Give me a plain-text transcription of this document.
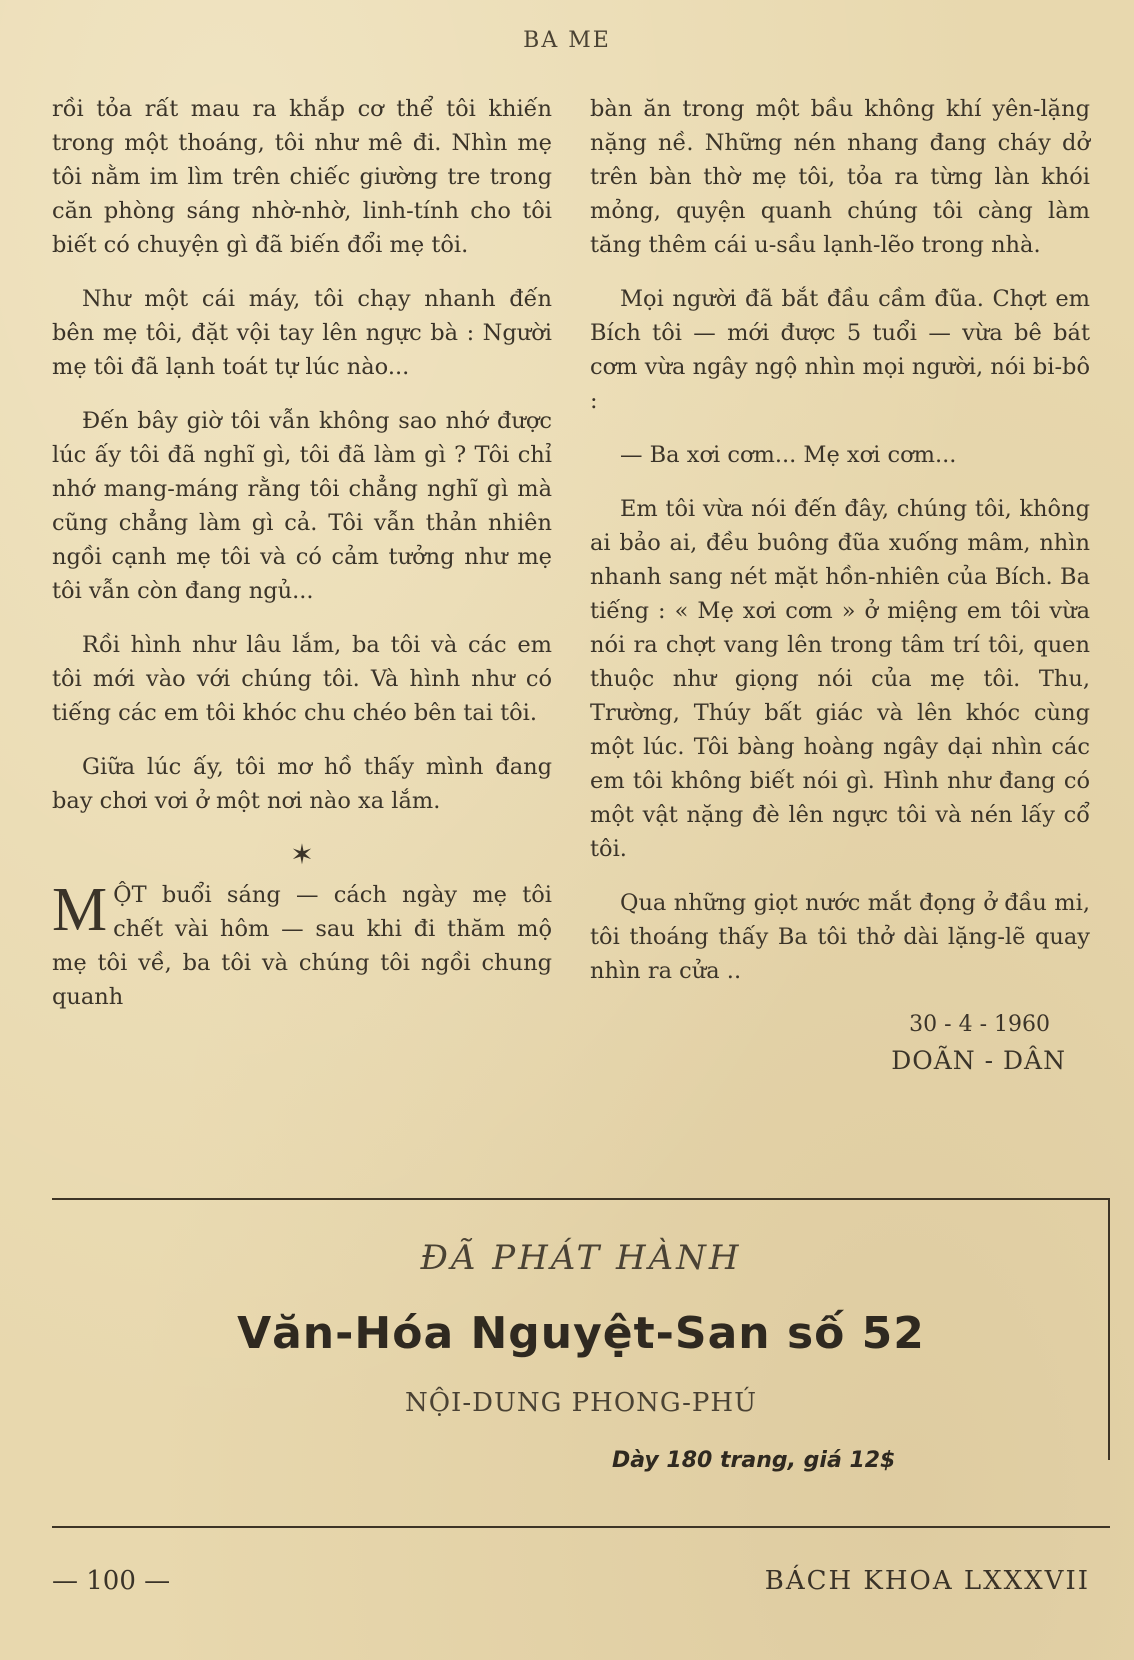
BA ME

rồi tỏa rất mau ra khắp cơ thể tôi khiến trong một thoáng, tôi như mê đi. Nhìn mẹ tôi nằm im lìm trên chiếc giường tre trong căn phòng sáng nhờ-nhờ, linh-tính cho tôi biết có chuyện gì đã biến đổi mẹ tôi.

Như một cái máy, tôi chạy nhanh đến bên mẹ tôi, đặt vội tay lên ngực bà : Người mẹ tôi đã lạnh toát tự lúc nào...

Đến bây giờ tôi vẫn không sao nhớ được lúc ấy tôi đã nghĩ gì, tôi đã làm gì ? Tôi chỉ nhớ mang-máng rằng tôi chẳng nghĩ gì mà cũng chẳng làm gì cả. Tôi vẫn thản nhiên ngồi cạnh mẹ tôi và có cảm tưởng như mẹ tôi vẫn còn đang ngủ...

Rồi hình như lâu lắm, ba tôi và các em tôi mới vào với chúng tôi. Và hình như có tiếng các em tôi khóc chu chéo bên tai tôi.

Giữa lúc ấy, tôi mơ hồ thấy mình đang bay chơi vơi ở một nơi nào xa lắm.

✶

MỘT buổi sáng — cách ngày mẹ tôi chết vài hôm — sau khi đi thăm mộ mẹ tôi về, ba tôi và chúng tôi ngồi chung quanh

bàn ăn trong một bầu không khí yên-lặng nặng nề. Những nén nhang đang cháy dở trên bàn thờ mẹ tôi, tỏa ra từng làn khói mỏng, quyện quanh chúng tôi càng làm tăng thêm cái u-sầu lạnh-lẽo trong nhà.

Mọi người đã bắt đầu cầm đũa. Chợt em Bích tôi — mới được 5 tuổi — vừa bê bát cơm vừa ngây ngộ nhìn mọi người, nói bi-bô :

— Ba xơi cơm... Mẹ xơi cơm...

Em tôi vừa nói đến đây, chúng tôi, không ai bảo ai, đều buông đũa xuống mâm, nhìn nhanh sang nét mặt hồn-nhiên của Bích. Ba tiếng : « Mẹ xơi cơm » ở miệng em tôi vừa nói ra chợt vang lên trong tâm trí tôi, quen thuộc như giọng nói của mẹ tôi. Thu, Trường, Thúy bất giác và lên khóc cùng một lúc. Tôi bàng hoàng ngây dại nhìn các em tôi không biết nói gì. Hình như đang có một vật nặng đè lên ngực tôi và nén lấy cổ tôi.

Qua những giọt nước mắt đọng ở đầu mi, tôi thoáng thấy Ba tôi thở dài lặng-lẽ quay nhìn ra cửa ..

30 - 4 - 1960
DOÃN - DÂN
ĐÃ PHÁT HÀNH
Văn-Hóa Nguyệt-San số 52
NỘI-DUNG PHONG-PHÚ
Dày 180 trang, giá 12$
— 100 —	BÁCH KHOA LXXXVII
